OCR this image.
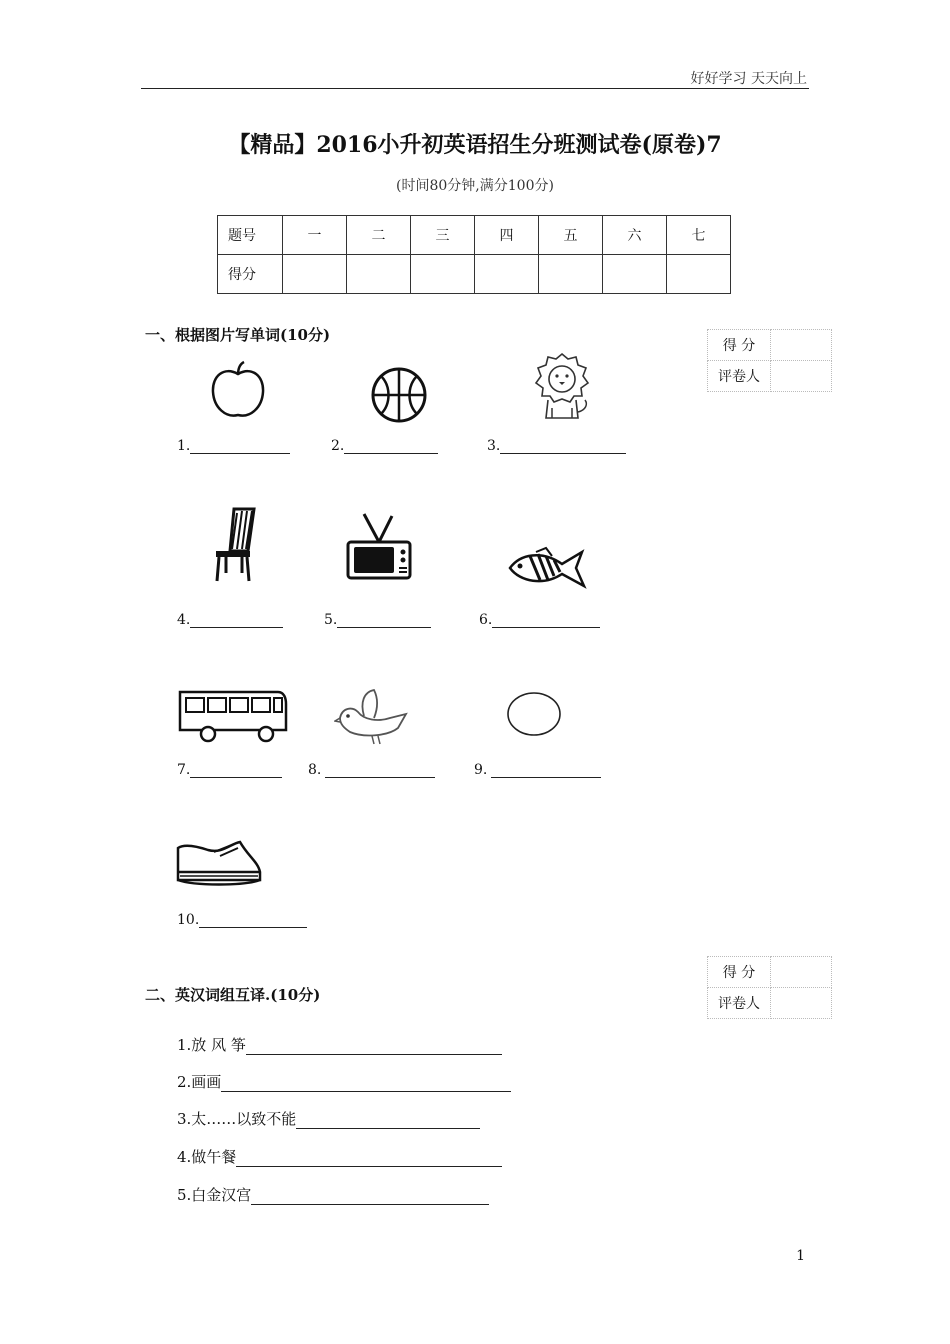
好好学习 天天向上
【精品】2016小升初英语招生分班测试卷(原卷)7
(时间80分钟,满分100分)
题号	一	二	三	四	五	六	七
得分							
一、根据图片写单词(10分)
得 分	
评卷人	
1.	2.	3.
4.	5.	6.
7.	8.	9.
10.
得 分	
评卷人	
二、英汉词组互译.(10分)
1.放 风 筝
2.画画
3.太……以致不能
4.做午餐
5.白金汉宫
1
